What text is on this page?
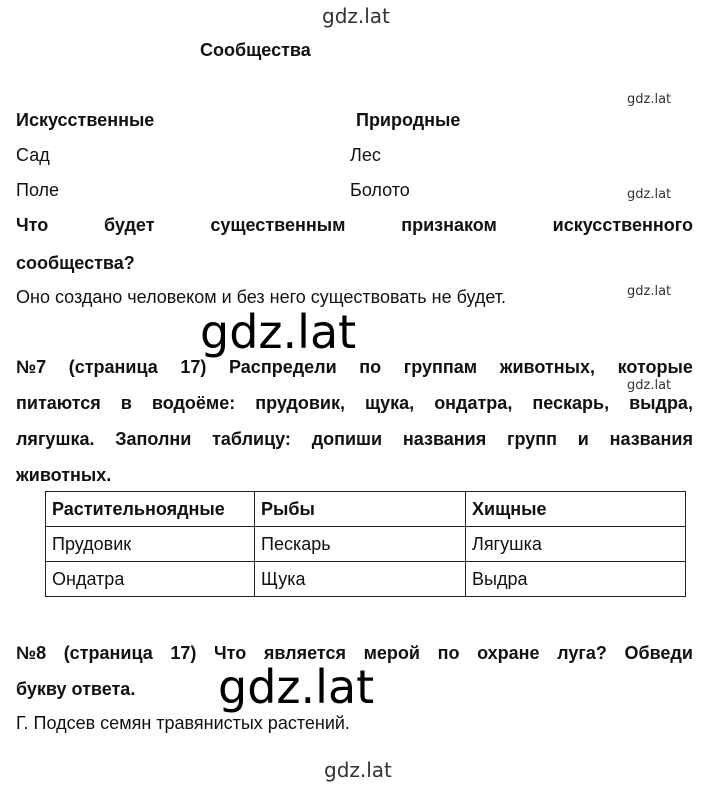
gdz.lat
Сообщества
gdz.lat
Искусственные	Природные
Сад	Лес
Поле	Болото	gdz.lat
Что	будет	существенным	признаком	искусственного
сообщества?
Оно создано человеком и без него существовать не будет.	gdz.lat
gdz.lat
№7 (страница 17) Распредели по группам животных, которые
gdz.lat
питаются в водоёме: прудовик, щука, ондатра, пескарь, выдра,
лягушка. Заполни таблицу: допиши названия групп и названия
животных.
Растительноядные	Рыбы	Хищные
Прудовик	Пескарь	Лягушка
Ондатра	Щука	Выдра
№8 (страница 17) Что является мерой по охране луга? Обведи
букву ответа. gdz.lat
Г. Подсев семян травянистых растений.
gdz.lat
